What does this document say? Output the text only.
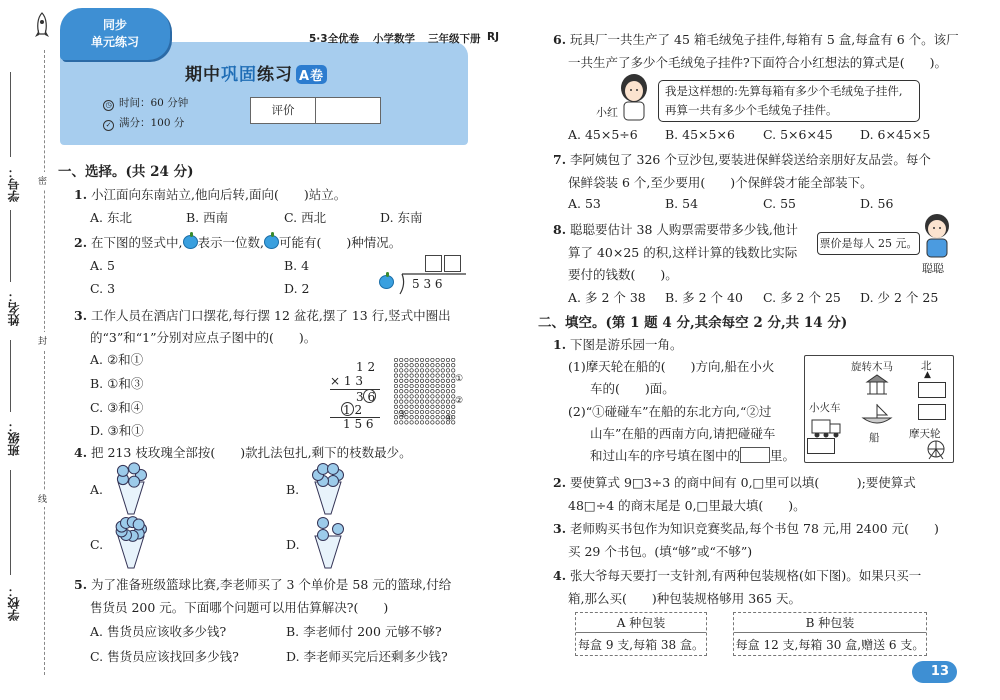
密
封
线
学号：
姓名：
班级：
学校：
同步
单元练习	5·3全优卷 小学数学 三年级下册 RJ
期中巩固练习 A卷
◷ 时间：60 分钟
✓ 满分：100 分
评价
一、选择。(共 24 分)
1. 小江面向东南站立,他向后转,面向(　　)站立。
A. 东北	B. 西南	C. 西北	D. 东南
2. 在下图的竖式中, 表示一位数, 可能有(　　)种情况。
A. 5	B. 4
C. 3	D. 2	5 3 6
3. 工作人员在酒店门口摆花,每行摆 12 盆花,摆了 13 行,竖式中圈出
的“3”和“1”分别对应点子图中的(　　)。
A. ②和①
B. ①和③
C. ③和④
D. ③和①
1 2
× 1 3
3 6
1 2
1 5 6
①
②
③	④
4. 把 213 枝玫瑰全部按(　　)款扎法包扎,剩下的枝数最少。
A.	B.
C.	D.
5. 为了准备班级篮球比赛,李老师买了 3 个单价是 58 元的篮球,付给
售货员 200 元。下面哪个问题可以用估算解决?(　　)
A. 售货员应该收多少钱?	B. 李老师付 200 元够不够?
C. 售货员应该找回多少钱?	D. 李老师买完后还剩多少钱?
6. 玩具厂一共生产了 45 箱毛绒兔子挂件,每箱有 5 盒,每盒有 6 个。该厂
一共生产了多少个毛绒兔子挂件?下面符合小红想法的算式是(　　)。
小红
我是这样想的:先算每箱有多少个毛绒兔子挂件,
再算一共有多少个毛绒兔子挂件。
A. 45×5÷6 B. 45×5×6 C. 5×6×45 D. 6×45×5
7. 李阿姨包了 326 个豆沙包,要装进保鲜袋送给亲朋好友品尝。每个
保鲜袋装 6 个,至少要用(　　)个保鲜袋才能全部装下。
A. 53	B. 54	C. 55	D. 56
8. 聪聪要估计 38 人购票需要带多少钱,他计
算了 40×25 的积,这样计算的钱数比实际
要付的钱数(　　)。
票价是每人 25 元。
聪聪
A. 多 2 个 38 B. 多 2 个 40 C. 多 2 个 25 D. 少 2 个 25
二、填空。(第 1 题 4 分,其余每空 2 分,共 14 分)
1. 下图是游乐园一角。
(1)摩天轮在船的(　　)方向,船在小火
车的(　　)面。
(2)“①碰碰车”在船的东北方向,“②过
山车”在船的西南方向,请把碰碰车
和过山车的序号填在图中的 里。
旋转木马	北
▲
小火车
船	摩天轮
2. 要使算式 9□3÷3 的商中间有 0,□里可以填(　　　);要使算式
48□÷4 的商末尾是 0,□里最大填(　　)。
3. 老师购买书包作为知识竞赛奖品,每个书包 78 元,用 2400 元(　　)
买 29 个书包。(填“够”或“不够”)
4. 张大爷每天要打一支针剂,有两种包装规格(如下图)。如果只买一
箱,那么买(　　)种包装规格够用 365 天。
A 种包装
每盒 9 支,每箱 38 盒。
B 种包装
每盒 12 支,每箱 30 盒,赠送 6 支。
13
